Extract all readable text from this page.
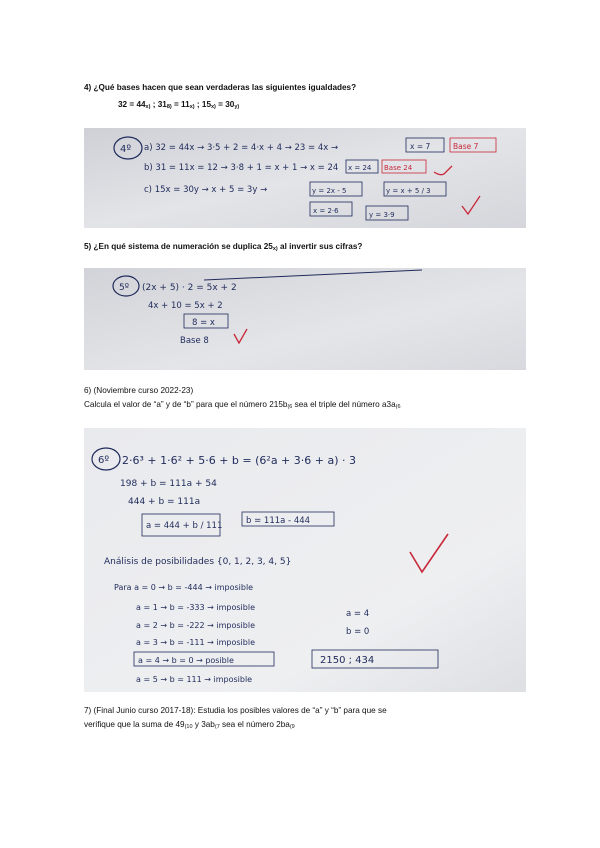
4) ¿Qué bases hacen que sean verdaderas las siguientes igualdades?
$32 = 44_{x)}$ ; $31_{8)} = 11_{x)}$ ; $15_{x)} = 30_{y)}$
4º a) 32 = 44x → 3·5 + 2 = 4·x + 4 → 23 = 4x →
b) 31 = 11x = 12 → 3·8 + 1 = x + 1 → x = 24
c) 15x = 30y → x + 5 = 3y →
x = 7	Base 7
x = 24 Base 24
y = 2x - 5	y = x + 5 / 3
x = 2·6	y = 3·9
5) ¿En qué sistema de numeración se duplica $25_{x)}$ al invertir sus cifras?
5º (2x + 5) · 2 = 5x + 2
4x + 10 = 5x + 2
8 = x
Base 8
6) (Noviembre curso 2022-23)
Calcula el valor de “a” y de “b” para que el número $215b_{(6}$ sea el triple del número $a3a_{(6}$
6º 2·6³ + 1·6² + 5·6 + b = (6²a + 3·6 + a) · 3
198 + b = 111a + 54
444 + b = 111a
a = 444 + b / 111	b = 111a - 444
Análisis de posibilidades {0, 1, 2, 3, 4, 5}
Para a = 0 → b = -444 → imposible
a = 1 → b = -333 → imposible
a = 2 → b = -222 → imposible
a = 3 → b = -111 → imposible
a = 4 → b = 0 → posible
a = 5 → b = 111 → imposible
a = 4
b = 0
2150 ; 434
7) (Final Junio curso 2017-18): Estudia los posibles valores de “a” y “b” para que se
verifique que la suma de $49_{(10}$ y $3ab_{(7}$ sea el número $2ba_{(9}$
